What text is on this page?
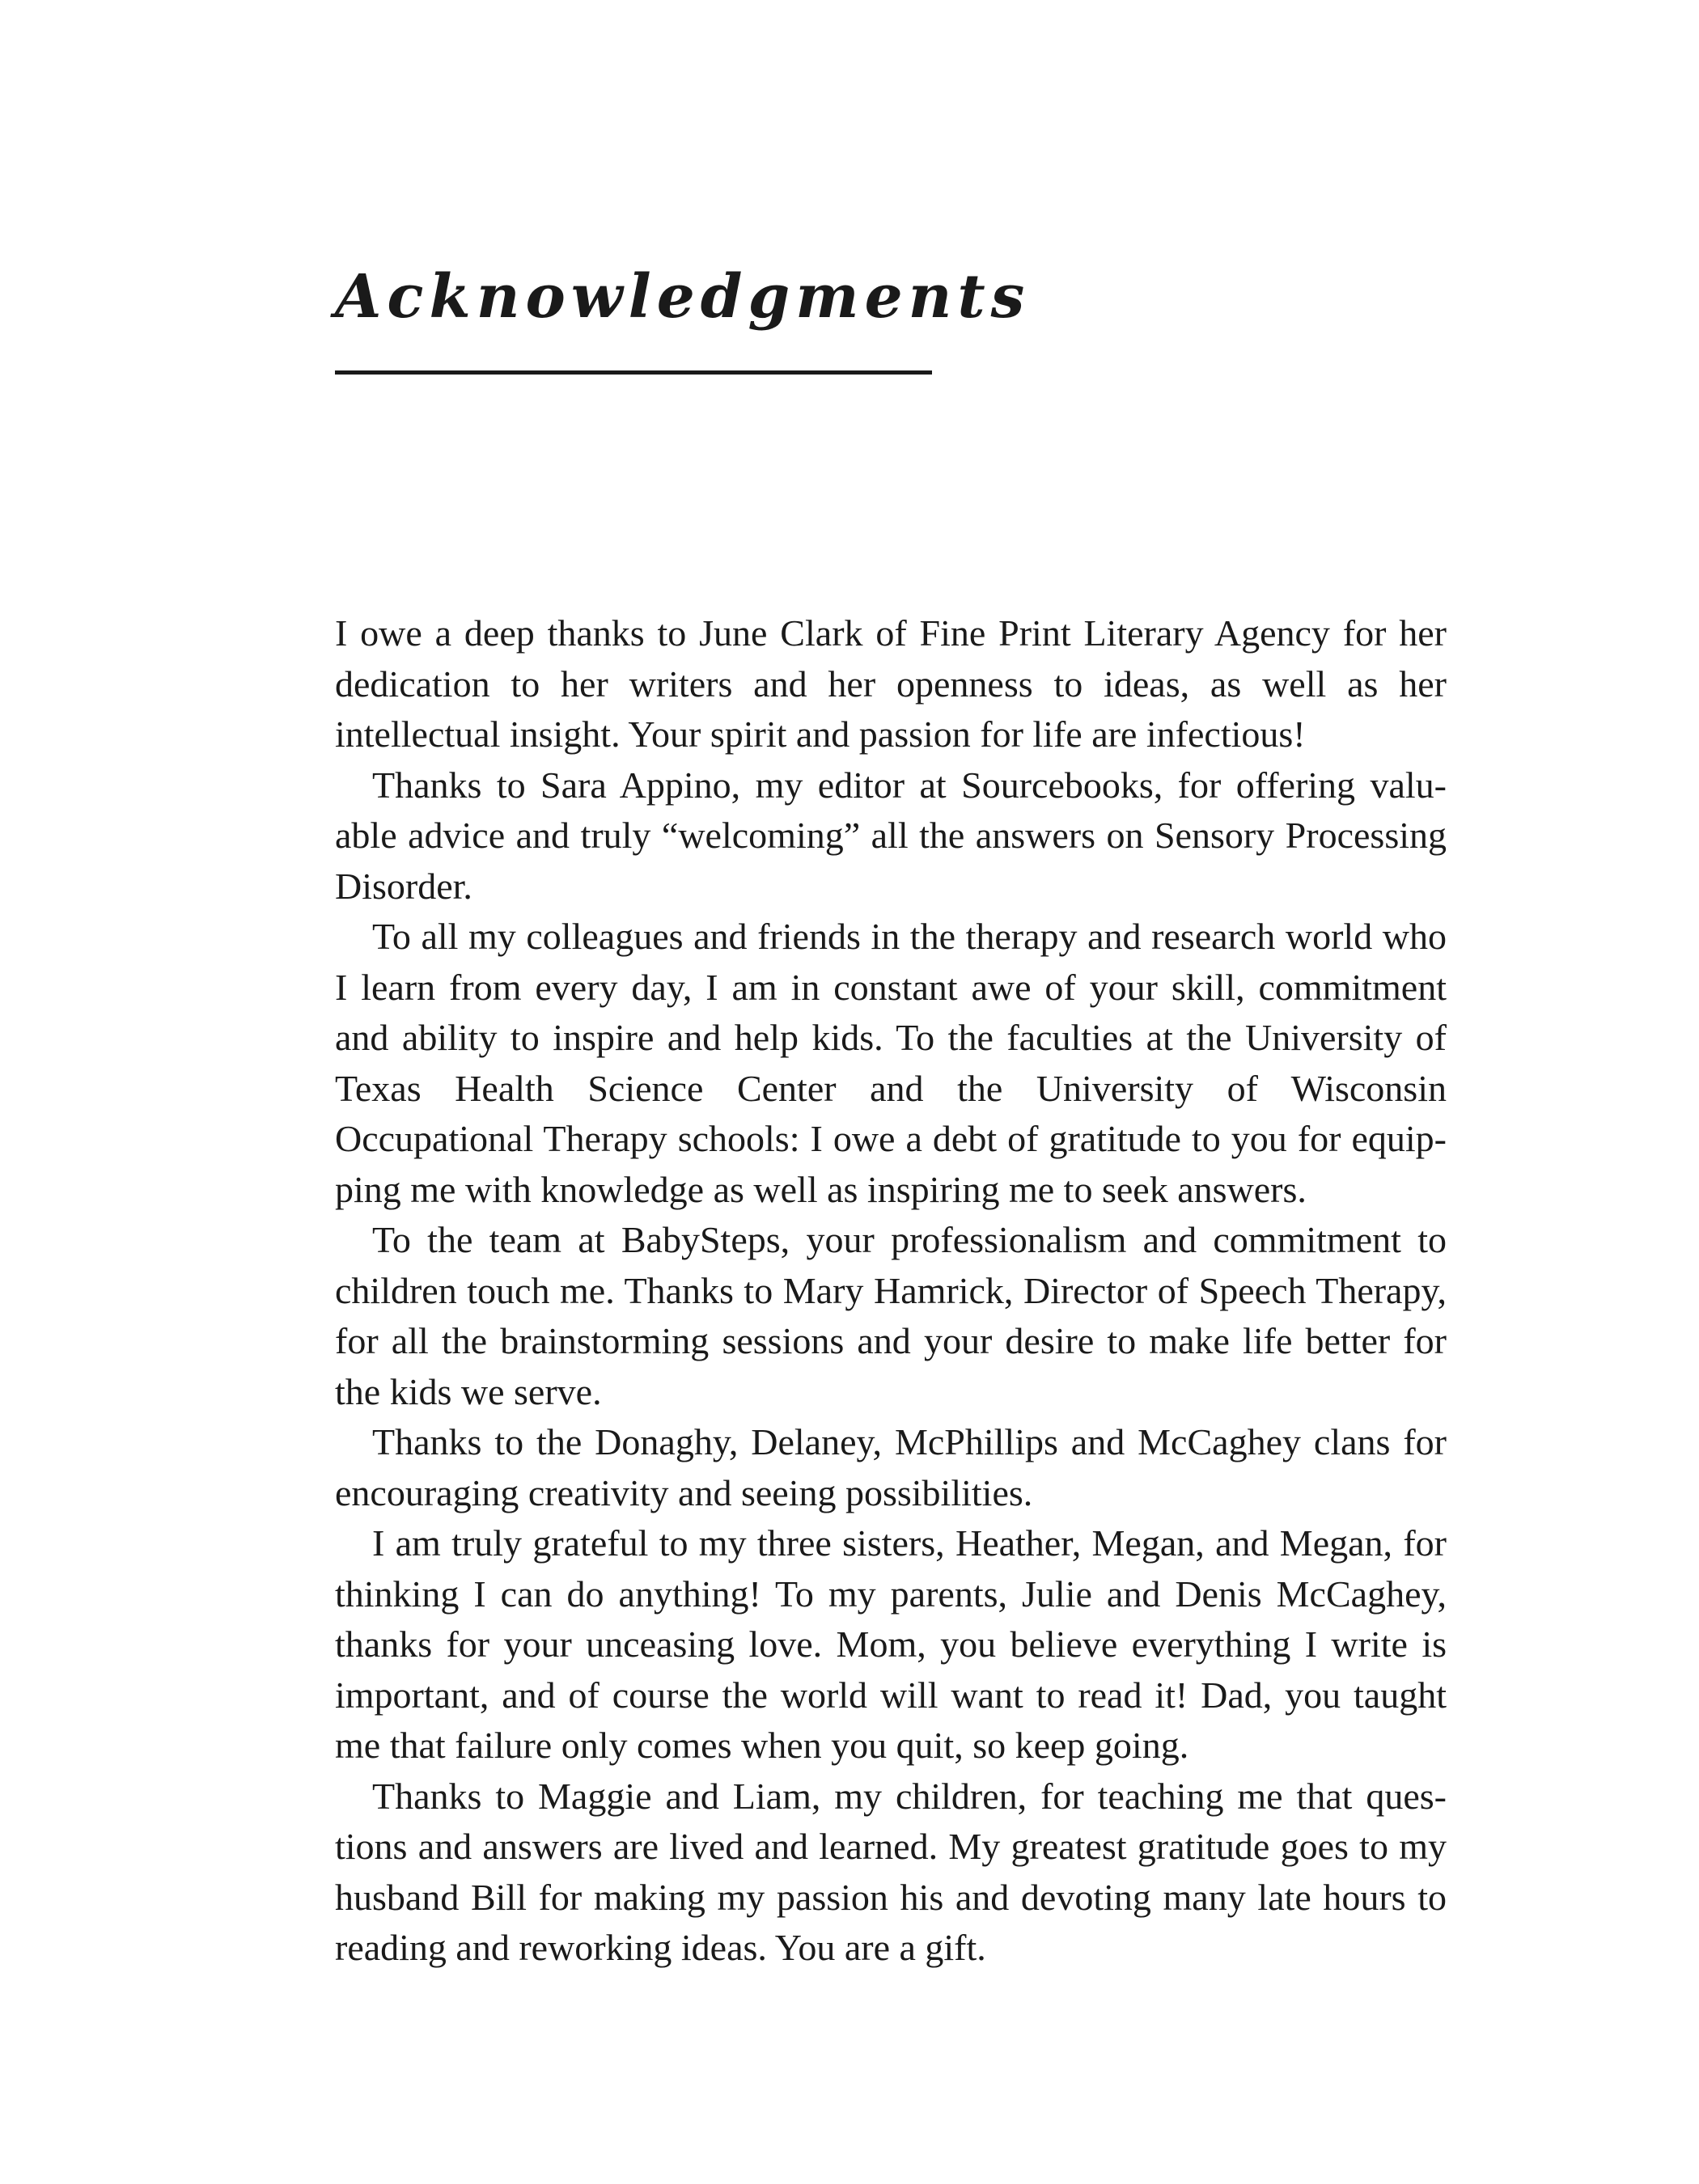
Acknowledgments

I owe a deep thanks to June Clark of Fine Print Literary Agency for her dedication to her writers and her openness to ideas, as well as her intellectual insight. Your spirit and passion for life are infectious!

Thanks to Sara Appino, my editor at Sourcebooks, for offering valu-able advice and truly “welcoming” all the answers on Sensory Processing Disorder.

To all my colleagues and friends in the therapy and research world who I learn from every day, I am in constant awe of your skill, commitment and ability to inspire and help kids. To the faculties at the University of Texas Health Science Center and the University of Wisconsin Occupational Therapy schools: I owe a debt of gratitude to you for equip-ping me with knowledge as well as inspiring me to seek answers.

To the team at BabySteps, your professionalism and commitment to children touch me. Thanks to Mary Hamrick, Director of Speech Therapy, for all the brainstorming sessions and your desire to make life better for the kids we serve.

Thanks to the Donaghy, Delaney, McPhillips and McCaghey clans for encouraging creativity and seeing possibilities.

I am truly grateful to my three sisters, Heather, Megan, and Megan, for thinking I can do anything! To my parents, Julie and Denis McCaghey, thanks for your unceasing love. Mom, you believe everything I write is important, and of course the world will want to read it! Dad, you taught me that failure only comes when you quit, so keep going.

Thanks to Maggie and Liam, my children, for teaching me that ques-tions and answers are lived and learned. My greatest gratitude goes to my husband Bill for making my passion his and devoting many late hours to reading and reworking ideas. You are a gift.
